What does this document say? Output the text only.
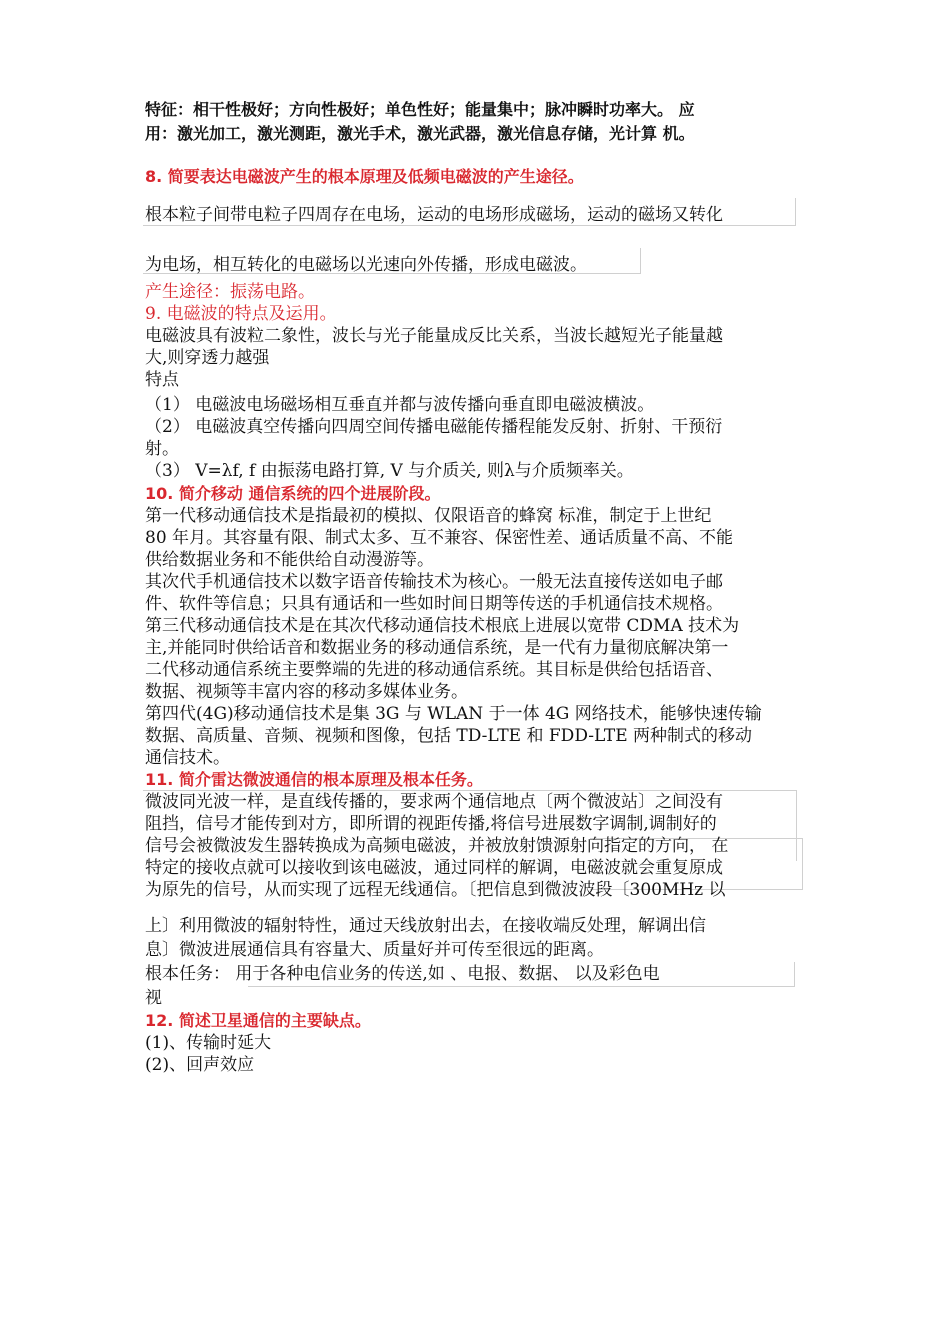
特征：相干性极好；方向性极好；单色性好；能量集中；脉冲瞬时功率大。 应

用：激光加工，激光测距，激光手术，激光武器，激光信息存储，光计算 机。

8. 简要表达电磁波产生的根本原理及低频电磁波的产生途径。

根本粒子间带电粒子四周存在电场，运动的电场形成磁场，运动的磁场又转化

为电场，相互转化的电磁场以光速向外传播，形成电磁波。

产生途径：振荡电路。

9. 电磁波的特点及运用。

电磁波具有波粒二象性，波长与光子能量成反比关系，当波长越短光子能量越

大,则穿透力越强

特点

（1） 电磁波电场磁场相互垂直并都与波传播向垂直即电磁波横波。

（2） 电磁波真空传播向四周空间传播电磁能传播程能发反射、折射、干预衍

射。

（3） V=λf, f 由振荡电路打算, V 与介质关, 则λ与介质频率关。

10. 简介移动 通信系统的四个进展阶段。

第一代移动通信技术是指最初的模拟、仅限语音的蜂窝 标准，制定于上世纪

80 年月。其容量有限、制式太多、互不兼容、保密性差、通话质量不高、不能

供给数据业务和不能供给自动漫游等。

其次代手机通信技术以数字语音传输技术为核心。一般无法直接传送如电子邮

件、软件等信息；只具有通话和一些如时间日期等传送的手机通信技术规格。

第三代移动通信技术是在其次代移动通信技术根底上进展以宽带 CDMA 技术为

主,并能同时供给话音和数据业务的移动通信系统，是一代有力量彻底解决第一

二代移动通信系统主要弊端的先进的移动通信系统。其目标是供给包括语音、

数据、视频等丰富内容的移动多媒体业务。

第四代(4G)移动通信技术是集 3G 与 WLAN 于一体 4G 网络技术，能够快速传输

数据、高质量、音频、视频和图像，包括 TD-LTE 和 FDD-LTE 两种制式的移动

通信技术。

11. 简介雷达微波通信的根本原理及根本任务。

微波同光波一样，是直线传播的，要求两个通信地点〔两个微波站〕之间没有

阻挡，信号才能传到对方，即所谓的视距传播,将信号进展数字调制,调制好的

信号会被微波发生器转换成为高频电磁波，并被放射馈源射向指定的方向， 在

特定的接收点就可以接收到该电磁波，通过同样的解调，电磁波就会重复原成

为原先的信号，从而实现了远程无线通信。〔把信息到微波波段〔300MHz 以

上〕利用微波的辐射特性，通过天线放射出去，在接收端反处理，解调出信

息〕微波进展通信具有容量大、质量好并可传至很远的距离。

根本任务： 用于各种电信业务的传送,如 、电报、数据、 以及彩色电

视

12. 简述卫星通信的主要缺点。

(1)、传输时延大

(2)、回声效应
